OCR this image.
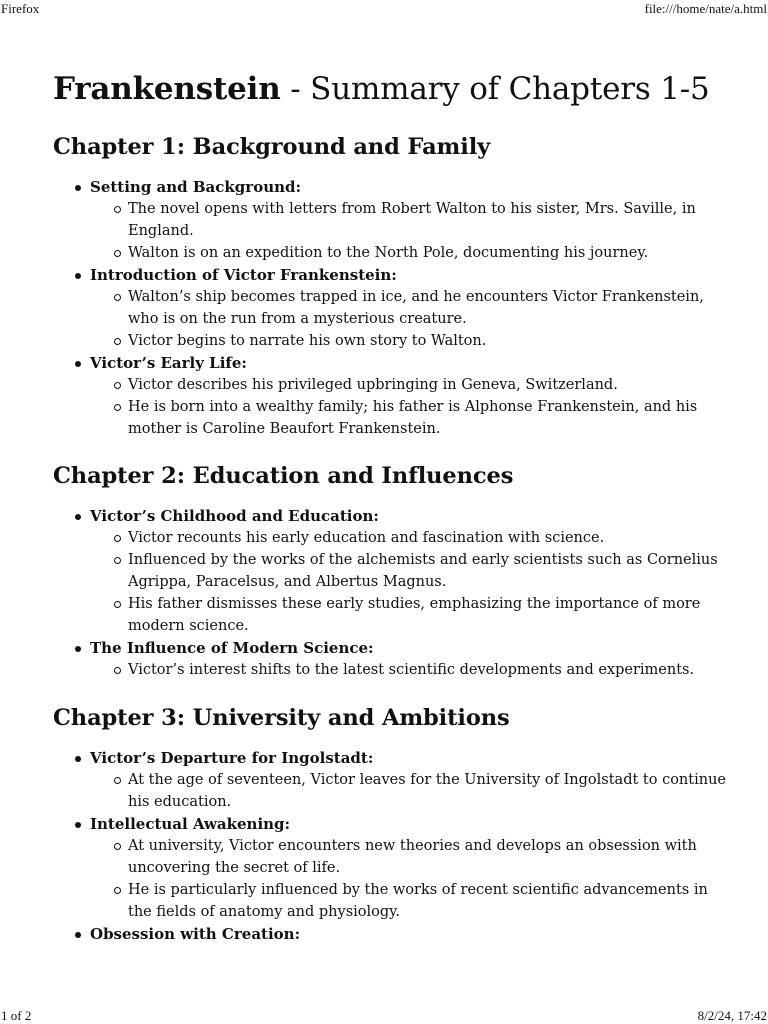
Firefox	file:///home/nate/a.html
Frankenstein - Summary of Chapters 1-5
Chapter 1: Background and Family
Setting and Background:
The novel opens with letters from Robert Walton to his sister, Mrs. Saville, in England.
Walton is on an expedition to the North Pole, documenting his journey.
Introduction of Victor Frankenstein:
Walton’s ship becomes trapped in ice, and he encounters Victor Frankenstein, who is on the run from a mysterious creature.
Victor begins to narrate his own story to Walton.
Victor’s Early Life:
Victor describes his privileged upbringing in Geneva, Switzerland.
He is born into a wealthy family; his father is Alphonse Frankenstein, and his mother is Caroline Beaufort Frankenstein.
Chapter 2: Education and Influences
Victor’s Childhood and Education:
Victor recounts his early education and fascination with science.
Influenced by the works of the alchemists and early scientists such as Cornelius Agrippa, Paracelsus, and Albertus Magnus.
His father dismisses these early studies, emphasizing the importance of more modern science.
The Influence of Modern Science:
Victor’s interest shifts to the latest scientific developments and experiments.
Chapter 3: University and Ambitions
Victor’s Departure for Ingolstadt:
At the age of seventeen, Victor leaves for the University of Ingolstadt to continue his education.
Intellectual Awakening:
At university, Victor encounters new theories and develops an obsession with uncovering the secret of life.
He is particularly influenced by the works of recent scientific advancements in the fields of anatomy and physiology.
Obsession with Creation:
1 of 2	8/2/24, 17:42
